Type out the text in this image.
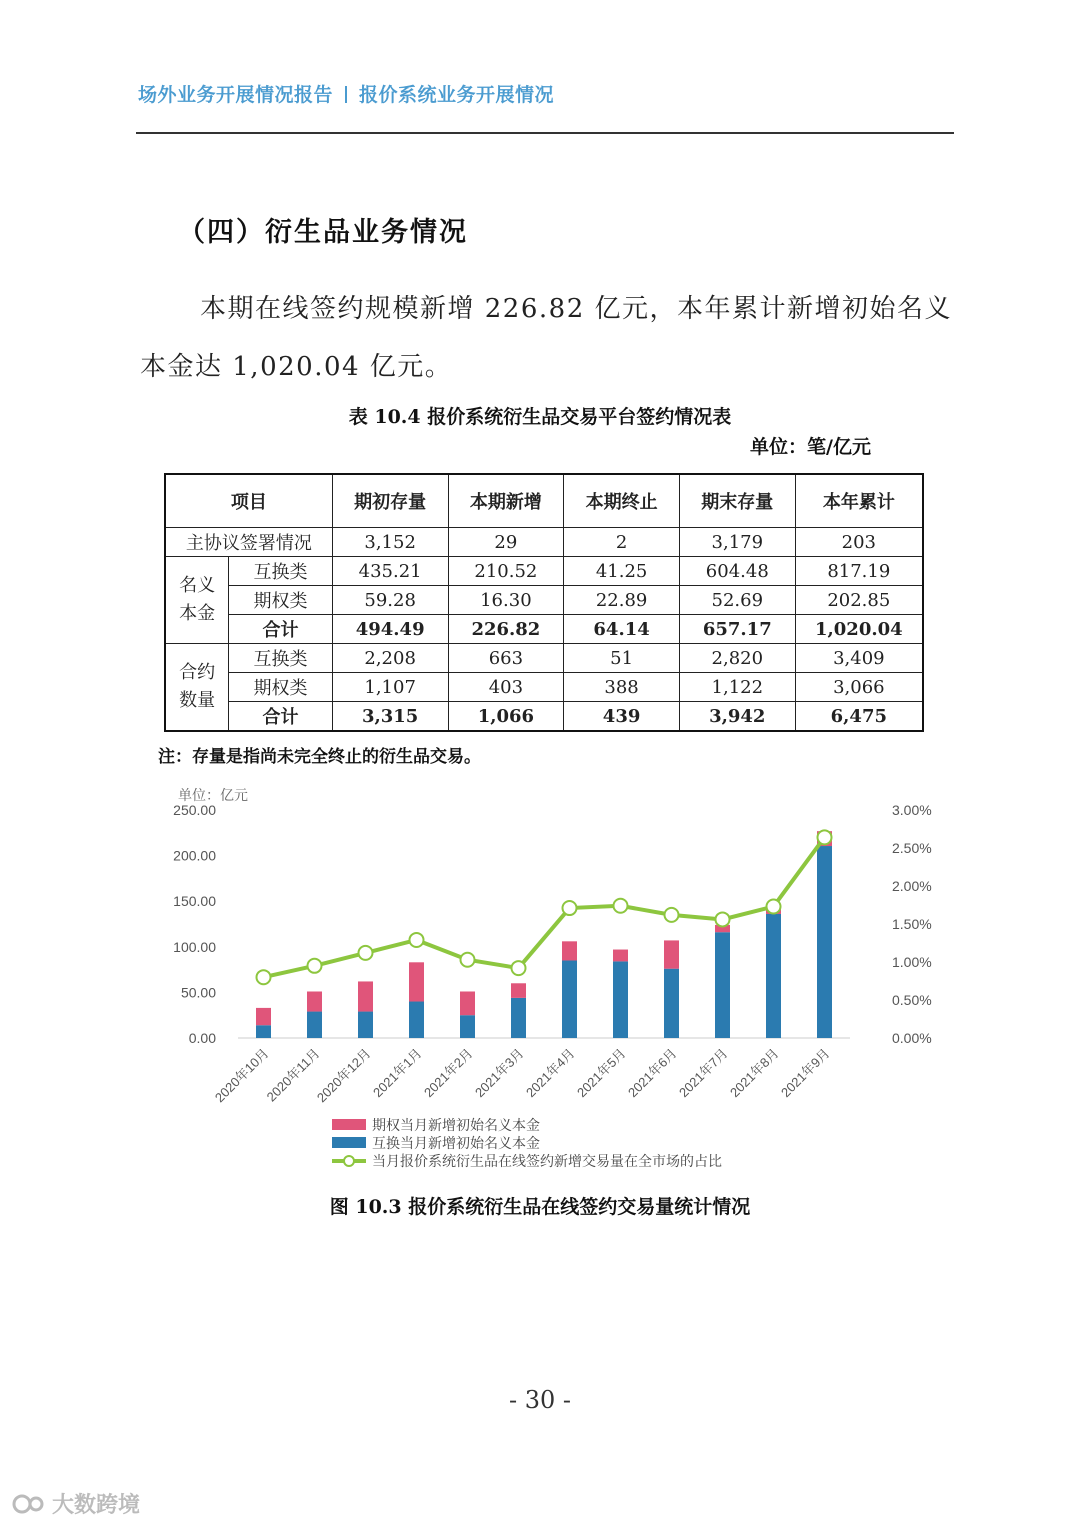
场外业务开展情况报告 报价系统业务开展情况
（四）衍生品业务情况
本期在线签约规模新增 226.82 亿元，本年累计新增初始名义本金达 1,020.04 亿元。
表 10.4 报价系统衍生品交易平台签约情况表
单位：笔/亿元
项目		期初存量	本期新增	本期终止	期末存量	本年累计
主协议签署情况		3,152	29	2	3,179	203
名义
本金	互换类	435.21	210.52	41.25	604.48	817.19
	期权类	59.28	16.30	22.89	52.69	202.85
	合计	494.49	226.82	64.14	657.17	1,020.04
合约
数量	互换类	2,208	663	51	2,820	3,409
	期权类	1,107	403	388	1,122	3,066
	合计	3,315	1,066	439	3,942	6,475
注：存量是指尚未完全终止的衍生品交易。
单位：亿元
0.00
50.00
100.00
150.00
200.00
250.00
0.00%
0.50%
1.00%
1.50%
2.00%
2.50%
3.00%
2020年10月
2020年11月
2020年12月
2021年1月
2021年2月
2021年3月
2021年4月
2021年5月
2021年6月
2021年7月
2021年8月
2021年9月
期权当月新增初始名义本金
互换当月新增初始名义本金
当月报价系统衍生品在线签约新增交易量在全市场的占比
图 10.3 报价系统衍生品在线签约交易量统计情况
- 30 -
大数跨境
